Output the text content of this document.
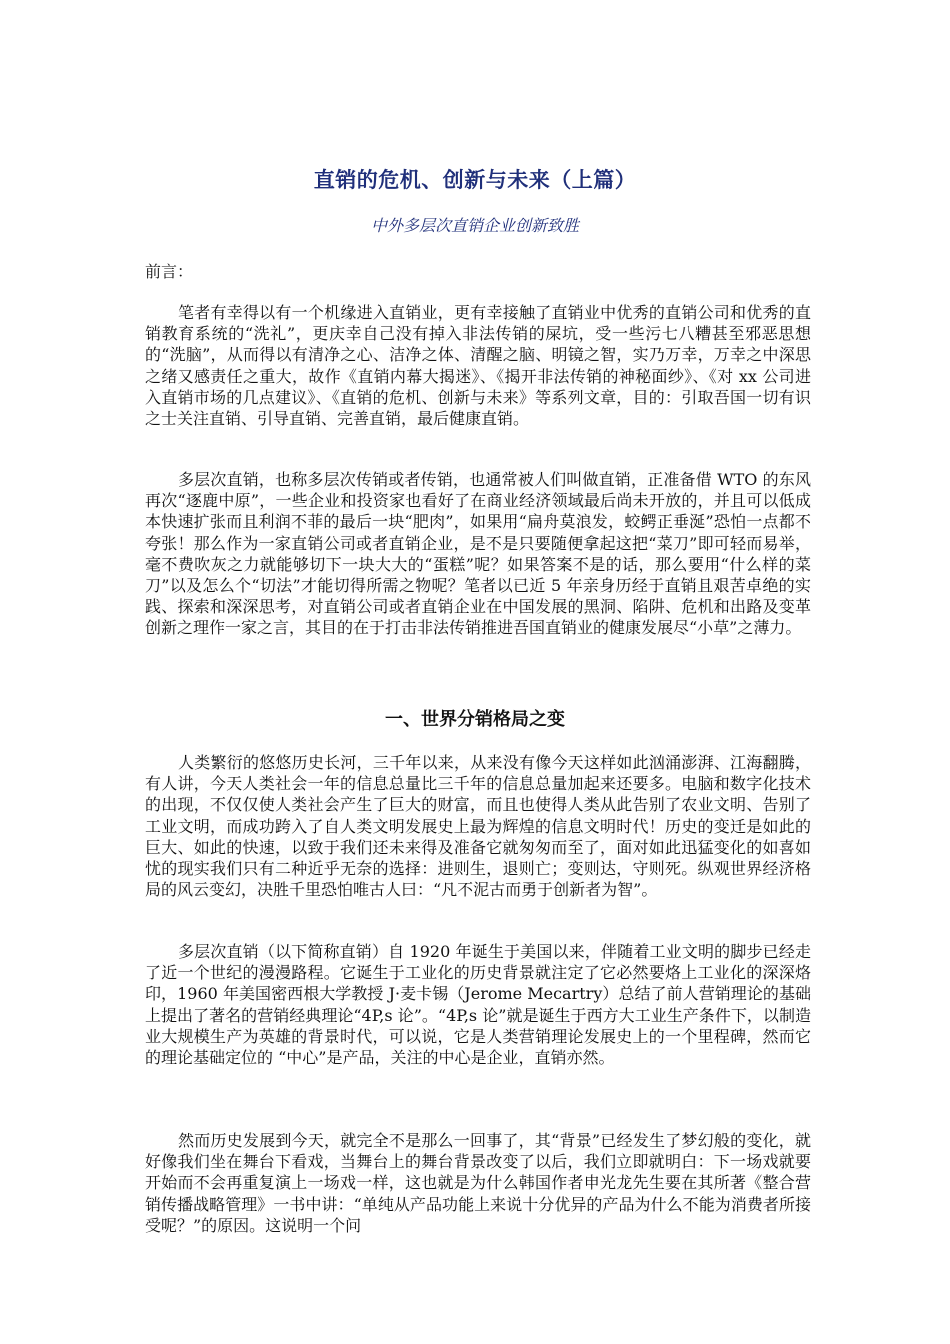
直销的危机、创新与未来（上篇）
中外多层次直销企业创新致胜
前言：

笔者有幸得以有一个机缘进入直销业，更有幸接触了直销业中优秀的直销公司和优秀的直销教育系统的“洗礼”，更庆幸自己没有掉入非法传销的屎坑，受一些污七八糟甚至邪恶思想的“洗脑”，从而得以有清净之心、洁净之体、清醒之脑、明镜之智，实乃万幸，万幸之中深思之绪又感责任之重大，故作《直销内幕大揭迷》、《揭开非法传销的神秘面纱》、《对 xx 公司进入直销市场的几点建议》、《直销的危机、创新与未来》等系列文章，目的：引取吾国一切有识之士关注直销、引导直销、完善直销，最后健康直销。

多层次直销，也称多层次传销或者传销，也通常被人们叫做直销，正准备借 WTO 的东风再次“逐鹿中原”，一些企业和投资家也看好了在商业经济领域最后尚未开放的，并且可以低成本快速扩张而且利润不菲的最后一块“肥肉”，如果用“扁舟莫浪发，蛟鳄正垂涎”恐怕一点都不夸张！那么作为一家直销公司或者直销企业，是不是只要随便拿起这把“菜刀”即可轻而易举，毫不费吹灰之力就能够切下一块大大的“蛋糕”呢？如果答案不是的话，那么要用“什么样的菜刀”以及怎么个“切法”才能切得所需之物呢？笔者以已近 5 年亲身历经于直销且艰苦卓绝的实践、探索和深深思考，对直销公司或者直销企业在中国发展的黑洞、陷阱、危机和出路及变革创新之理作一家之言，其目的在于打击非法传销推进吾国直销业的健康发展尽“小草”之薄力。

一、世界分销格局之变

人类繁衍的悠悠历史长河，三千年以来，从来没有像今天这样如此汹涌澎湃、江海翻腾，有人讲，今天人类社会一年的信息总量比三千年的信息总量加起来还要多。电脑和数字化技术的出现，不仅仅使人类社会产生了巨大的财富，而且也使得人类从此告别了农业文明、告别了工业文明，而成功跨入了自人类文明发展史上最为辉煌的信息文明时代！历史的变迁是如此的巨大、如此的快速，以致于我们还未来得及准备它就匆匆而至了，面对如此迅猛变化的如喜如忧的现实我们只有二种近乎无奈的选择：进则生，退则亡；变则达，守则死。纵观世界经济格局的风云变幻，决胜千里恐怕唯古人曰：“凡不泥古而勇于创新者为智”。

多层次直销（以下简称直销）自 1920 年诞生于美国以来，伴随着工业文明的脚步已经走了近一个世纪的漫漫路程。它诞生于工业化的历史背景就注定了它必然要烙上工业化的深深烙印，1960 年美国密西根大学教授 J·麦卡锡（Jerome Mecartry）总结了前人营销理论的基础上提出了著名的营销经典理论“4P,s 论”。“4P,s 论”就是诞生于西方大工业生产条件下，以制造业大规模生产为英雄的背景时代，可以说，它是人类营销理论发展史上的一个里程碑，然而它的理论基础定位的 “中心”是产品，关注的中心是企业，直销亦然。

然而历史发展到今天，就完全不是那么一回事了，其“背景”已经发生了梦幻般的变化，就好像我们坐在舞台下看戏，当舞台上的舞台背景改变了以后，我们立即就明白：下一场戏就要开始而不会再重复演上一场戏一样，这也就是为什么韩国作者申光龙先生要在其所著《整合营销传播战略管理》一书中讲：“单纯从产品功能上来说十分优异的产品为什么不能为消费者所接受呢？”的原因。这说明一个问
